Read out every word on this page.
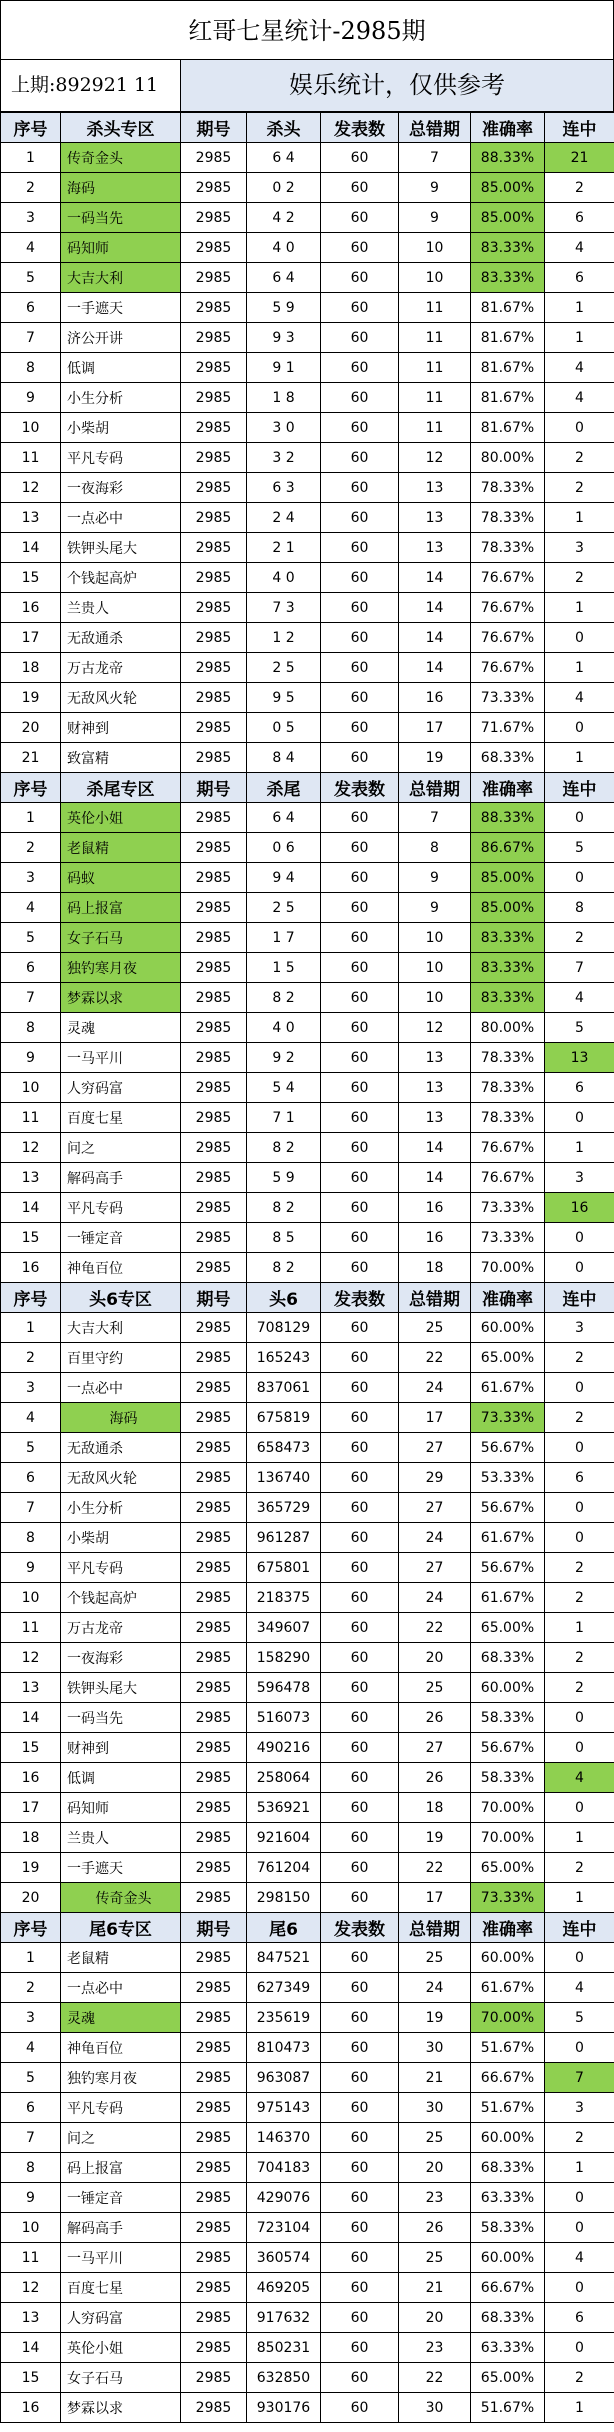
红哥七星统计-2985期
上期:892921 11	娱乐统计，仅供参考
序号	杀头专区	期号	杀头	发表数	总错期	准确率	连中
1	传奇金头	2985	6 4	60	7	88.33%	21
2	海码	2985	0 2	60	9	85.00%	2
3	一码当先	2985	4 2	60	9	85.00%	6
4	码知师	2985	4 0	60	10	83.33%	4
5	大吉大利	2985	6 4	60	10	83.33%	6
6	一手遮天	2985	5 9	60	11	81.67%	1
7	济公开讲	2985	9 3	60	11	81.67%	1
8	低调	2985	9 1	60	11	81.67%	4
9	小生分析	2985	1 8	60	11	81.67%	4
10	小柴胡	2985	3 0	60	11	81.67%	0
11	平凡专码	2985	3 2	60	12	80.00%	2
12	一夜海彩	2985	6 3	60	13	78.33%	2
13	一点必中	2985	2 4	60	13	78.33%	1
14	铁钾头尾大	2985	2 1	60	13	78.33%	3
15	个钱起高炉	2985	4 0	60	14	76.67%	2
16	兰贵人	2985	7 3	60	14	76.67%	1
17	无敌通杀	2985	1 2	60	14	76.67%	0
18	万古龙帝	2985	2 5	60	14	76.67%	1
19	无敌风火轮	2985	9 5	60	16	73.33%	4
20	财神到	2985	0 5	60	17	71.67%	0
21	致富精	2985	8 4	60	19	68.33%	1
序号	杀尾专区	期号	杀尾	发表数	总错期	准确率	连中
1	英伦小姐	2985	6 4	60	7	88.33%	0
2	老鼠精	2985	0 6	60	8	86.67%	5
3	码蚁	2985	9 4	60	9	85.00%	0
4	码上报富	2985	2 5	60	9	85.00%	8
5	女子石马	2985	1 7	60	10	83.33%	2
6	独钓寒月夜	2985	1 5	60	10	83.33%	7
7	梦霖以求	2985	8 2	60	10	83.33%	4
8	灵魂	2985	4 0	60	12	80.00%	5
9	一马平川	2985	9 2	60	13	78.33%	13
10	人穷码富	2985	5 4	60	13	78.33%	6
11	百度七星	2985	7 1	60	13	78.33%	0
12	问之	2985	8 2	60	14	76.67%	1
13	解码高手	2985	5 9	60	14	76.67%	3
14	平凡专码	2985	8 2	60	16	73.33%	16
15	一锤定音	2985	8 5	60	16	73.33%	0
16	神龟百位	2985	8 2	60	18	70.00%	0
序号	头6专区	期号	头6	发表数	总错期	准确率	连中
1	大吉大利	2985	708129	60	25	60.00%	3
2	百里守约	2985	165243	60	22	65.00%	2
3	一点必中	2985	837061	60	24	61.67%	0
4	海码	2985	675819	60	17	73.33%	2
5	无敌通杀	2985	658473	60	27	56.67%	0
6	无敌风火轮	2985	136740	60	29	53.33%	6
7	小生分析	2985	365729	60	27	56.67%	0
8	小柴胡	2985	961287	60	24	61.67%	0
9	平凡专码	2985	675801	60	27	56.67%	2
10	个钱起高炉	2985	218375	60	24	61.67%	2
11	万古龙帝	2985	349607	60	22	65.00%	1
12	一夜海彩	2985	158290	60	20	68.33%	2
13	铁钾头尾大	2985	596478	60	25	60.00%	2
14	一码当先	2985	516073	60	26	58.33%	0
15	财神到	2985	490216	60	27	56.67%	0
16	低调	2985	258064	60	26	58.33%	4
17	码知师	2985	536921	60	18	70.00%	0
18	兰贵人	2985	921604	60	19	70.00%	1
19	一手遮天	2985	761204	60	22	65.00%	2
20	传奇金头	2985	298150	60	17	73.33%	1
序号	尾6专区	期号	尾6	发表数	总错期	准确率	连中
1	老鼠精	2985	847521	60	25	60.00%	0
2	一点必中	2985	627349	60	24	61.67%	4
3	灵魂	2985	235619	60	19	70.00%	5
4	神龟百位	2985	810473	60	30	51.67%	0
5	独钓寒月夜	2985	963087	60	21	66.67%	7
6	平凡专码	2985	975143	60	30	51.67%	3
7	问之	2985	146370	60	25	60.00%	2
8	码上报富	2985	704183	60	20	68.33%	1
9	一锤定音	2985	429076	60	23	63.33%	0
10	解码高手	2985	723104	60	26	58.33%	0
11	一马平川	2985	360574	60	25	60.00%	4
12	百度七星	2985	469205	60	21	66.67%	0
13	人穷码富	2985	917632	60	20	68.33%	6
14	英伦小姐	2985	850231	60	23	63.33%	0
15	女子石马	2985	632850	60	22	65.00%	2
16	梦霖以求	2985	930176	60	30	51.67%	1
